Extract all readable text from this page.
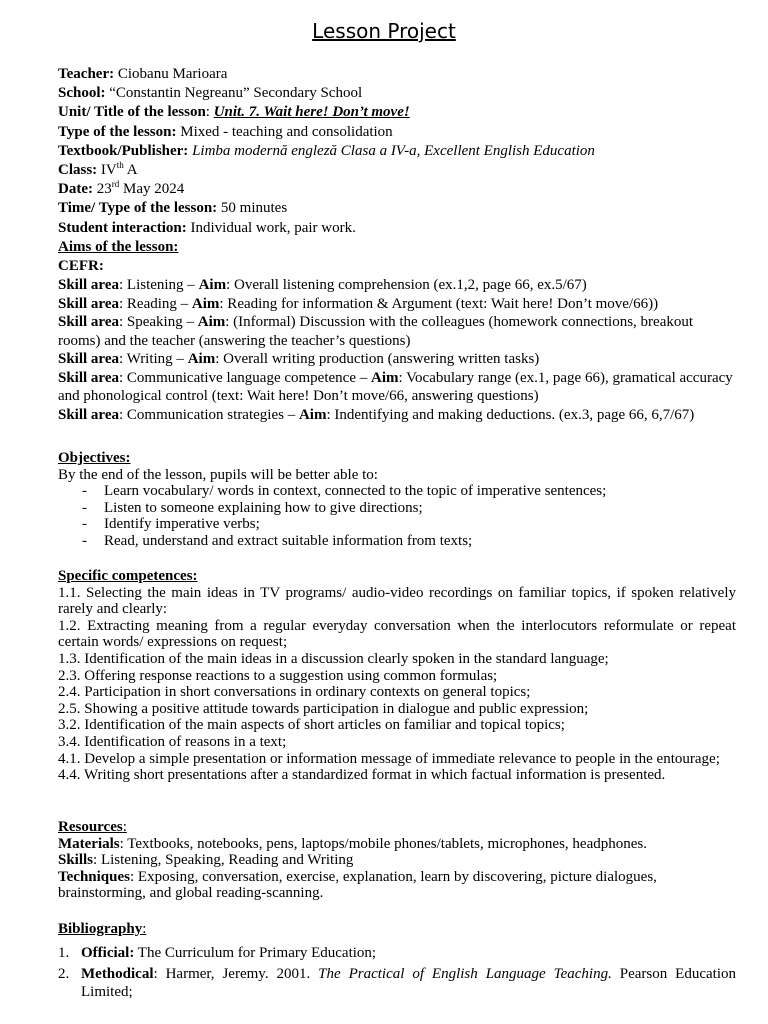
Lesson Project
Teacher: Ciobanu Marioara
School: “Constantin Negreanu” Secondary School
Unit/ Title of the lesson: Unit. 7. Wait here! Don’t move!
Type of the lesson: Mixed - teaching and consolidation
Textbook/Publisher: Limba modernă engleză Clasa a IV-a, Excellent English Education
Class: IVth A
Date: 23rd May 2024
Time/ Type of the lesson: 50 minutes
Student interaction: Individual work, pair work.
Aims of the lesson:
CEFR:
Skill area: Listening – Aim: Overall listening comprehension (ex.1,2, page 66, ex.5/67)
Skill area: Reading – Aim: Reading for information & Argument (text: Wait here! Don’t move/66))
Skill area: Speaking – Aim: (Informal) Discussion with the colleagues (homework connections, breakout rooms) and the teacher (answering the teacher’s questions)
Skill area: Writing – Aim: Overall writing production (answering written tasks)
Skill area: Communicative language competence – Aim: Vocabulary range (ex.1, page 66), gramatical accuracy and phonological control (text: Wait here! Don’t move/66, answering questions)
Skill area: Communication strategies – Aim: Indentifying and making deductions. (ex.3, page 66, 6,7/67)
Objectives:
By the end of the lesson, pupils will be better able to:
- Learn vocabulary/ words in context, connected to the topic of imperative sentences;
- Listen to someone explaining how to give directions;
- Identify imperative verbs;
- Read, understand and extract suitable information from texts;
Specific competences:
1.1. Selecting the main ideas in TV programs/ audio-video recordings on familiar topics, if spoken relatively rarely and clearly:
1.2. Extracting meaning from a regular everyday conversation when the interlocutors reformulate or repeat certain words/ expressions on request;
1.3. Identification of the main ideas in a discussion clearly spoken in the standard language;
2.3. Offering response reactions to a suggestion using common formulas;
2.4. Participation in short conversations in ordinary contexts on general topics;
2.5. Showing a positive attitude towards participation in dialogue and public expression;
3.2. Identification of the main aspects of short articles on familiar and topical topics;
3.4. Identification of reasons in a text;
4.1. Develop a simple presentation or information message of immediate relevance to people in the entourage;
4.4. Writing short presentations after a standardized format in which factual information is presented.
Resources:
Materials: Textbooks, notebooks, pens, laptops/mobile phones/tablets, microphones, headphones.
Skills: Listening, Speaking, Reading and Writing
Techniques: Exposing, conversation, exercise, explanation, learn by discovering, picture dialogues, brainstorming, and global reading-scanning.
Bibliography:
1. Official: The Curriculum for Primary Education;
2. Methodical: Harmer, Jeremy. 2001. The Practical of English Language Teaching. Pearson Education Limited;
